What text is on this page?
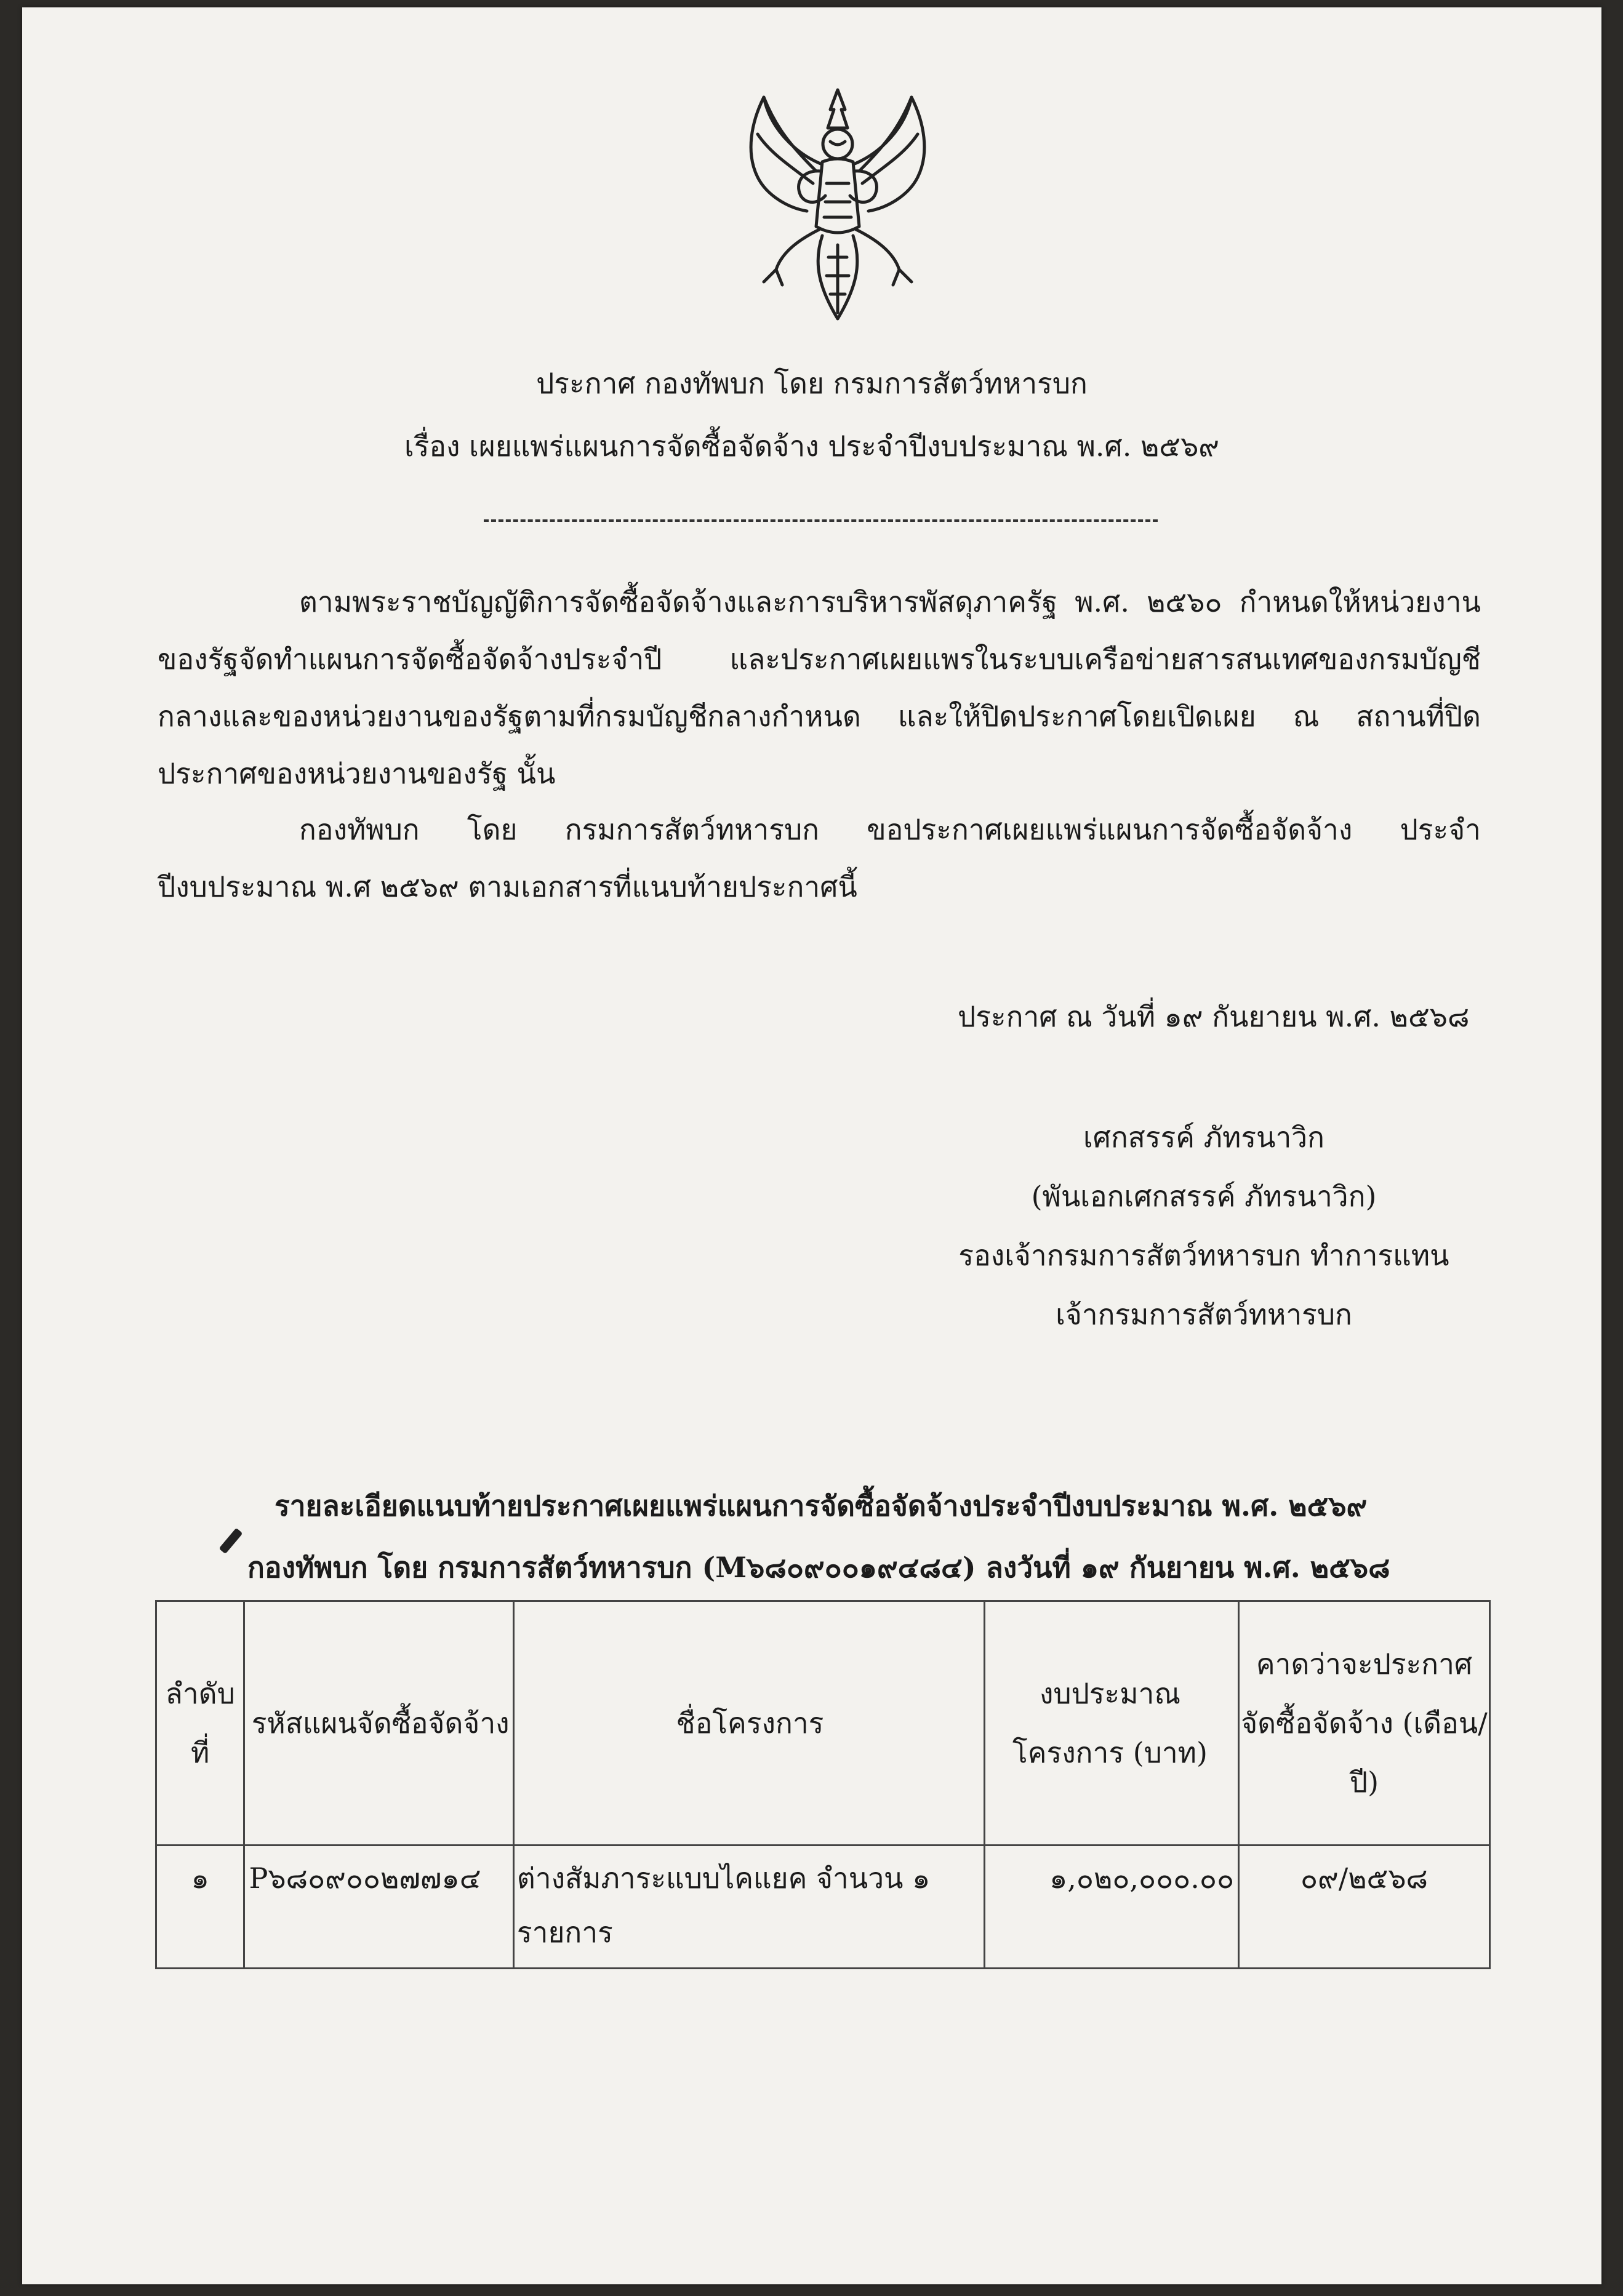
ประกาศ กองทัพบก โดย กรมการสัตว์ทหารบก
เรื่อง เผยแพร่แผนการจัดซื้อจัดจ้าง ประจำปีงบประมาณ พ.ศ. ๒๕๖๙
ตามพระราชบัญญัติการจัดซื้อจัดจ้างและการบริหารพัสดุภาครัฐ พ.ศ. ๒๕๖๐ กำหนดให้หน่วยงานของรัฐจัดทำแผนการจัดซื้อจัดจ้างประจำปี และประกาศเผยแพรในระบบเครือข่ายสารสนเทศของกรมบัญชีกลางและของหน่วยงานของรัฐตามที่กรมบัญชีกลางกำหนด และให้ปิดประกาศโดยเปิดเผย ณ สถานที่ปิดประกาศของหน่วยงานของรัฐ นั้น
กองทัพบก โดย กรมการสัตว์ทหารบก ขอประกาศเผยแพร่แผนการจัดซื้อจัดจ้าง ประจำปีงบประมาณ พ.ศ ๒๕๖๙ ตามเอกสารที่แนบท้ายประกาศนี้
ประกาศ ณ วันที่ ๑๙ กันยายน พ.ศ. ๒๕๖๘
เศกสรรค์ ภัทรนาวิก
(พันเอกเศกสรรค์ ภัทรนาวิก)
รองเจ้ากรมการสัตว์ทหารบก ทำการแทน
เจ้ากรมการสัตว์ทหารบก
รายละเอียดแนบท้ายประกาศเผยแพร่แผนการจัดซื้อจัดจ้างประจำปีงบประมาณ พ.ศ. ๒๕๖๙
กองทัพบก โดย กรมการสัตว์ทหารบก (M๖๘๐๙๐๐๑๙๔๘๔) ลงวันที่ ๑๙ กันยายน พ.ศ. ๒๕๖๘
ลำดับที่	รหัสแผนจัดซื้อจัดจ้าง	ชื่อโครงการ	งบประมาณโครงการ (บาท)	คาดว่าจะประกาศจัดซื้อจัดจ้าง (เดือน/ปี)
๑	P๖๘๐๙๐๐๒๗๗๑๔	ต่างสัมภาระแบบไคแยค จำนวน ๑ รายการ	๑,๐๒๐,๐๐๐.๐๐	๐๙/๒๕๖๘
